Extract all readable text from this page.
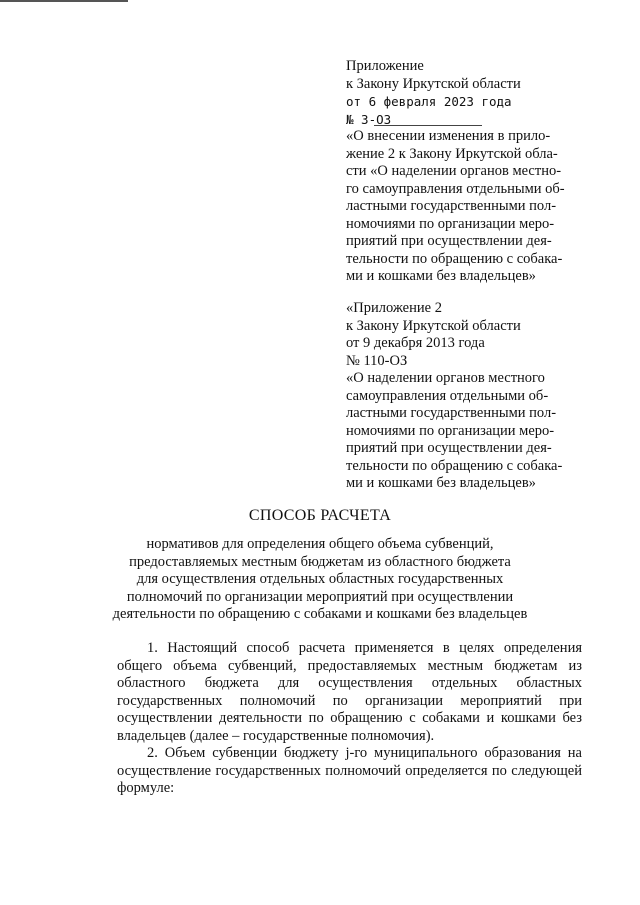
Приложение
к Закону Иркутской области
от 6 февраля 2023 года
№ 3-ОЗ
«О внесении изменения в прило-
жение 2 к Закону Иркутской обла-
сти «О наделении органов местно-
го самоуправления отдельными об-
ластными государственными пол-
номочиями по организации меро-
приятий при осуществлении дея-
тельности по обращению с собака-
ми и кошками без владельцев»
«Приложение 2
к Закону Иркутской области
от 9 декабря 2013 года
№ 110-ОЗ
«О наделении органов местного
самоуправления отдельными об-
ластными государственными пол-
номочиями по организации меро-
приятий при осуществлении дея-
тельности по обращению с собака-
ми и кошками без владельцев»
СПОСОБ РАСЧЕТА
нормативов для определения общего объема субвенций,
предоставляемых местным бюджетам из областного бюджета
для осуществления отдельных областных государственных
полномочий по организации мероприятий при осуществлении
деятельности по обращению с собаками и кошками без владельцев

1. Настоящий способ расчета применяется в целях определения общего объема субвенций, предоставляемых местным бюджетам из областного бюджета для осуществления отдельных областных государственных полномочий по организации мероприятий при осуществлении деятельности по обращению с собаками и кошками без владельцев (далее – государственные полномочия).

2. Объем субвенции бюджету j-го муниципального образования на осуществление государственных полномочий определяется по следующей формуле:
